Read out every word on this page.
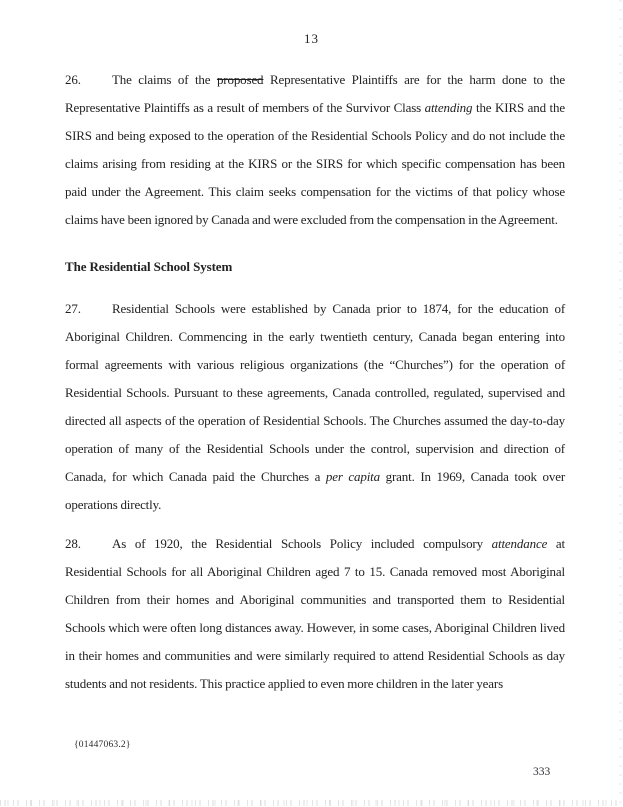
13

26. The claims of the proposed Representative Plaintiffs are for the harm done to the Representative Plaintiffs as a result of members of the Survivor Class attending the KIRS and the SIRS and being exposed to the operation of the Residential Schools Policy and do not include the claims arising from residing at the KIRS or the SIRS for which specific compensation has been paid under the Agreement. This claim seeks compensation for the victims of that policy whose claims have been ignored by Canada and were excluded from the compensation in the Agreement.

The Residential School System

27. Residential Schools were established by Canada prior to 1874, for the education of Aboriginal Children. Commencing in the early twentieth century, Canada began entering into formal agreements with various religious organizations (the “Churches”) for the operation of Residential Schools. Pursuant to these agreements, Canada controlled, regulated, supervised and directed all aspects of the operation of Residential Schools. The Churches assumed the day-to-day operation of many of the Residential Schools under the control, supervision and direction of Canada, for which Canada paid the Churches a per capita grant. In 1969, Canada took over operations directly.

28. As of 1920, the Residential Schools Policy included compulsory attendance at Residential Schools for all Aboriginal Children aged 7 to 15. Canada removed most Aboriginal Children from their homes and Aboriginal communities and transported them to Residential Schools which were often long distances away. However, in some cases, Aboriginal Children lived in their homes and communities and were similarly required to attend Residential Schools as day students and not residents. This practice applied to even more children in the later years

{01447063.2}
333
